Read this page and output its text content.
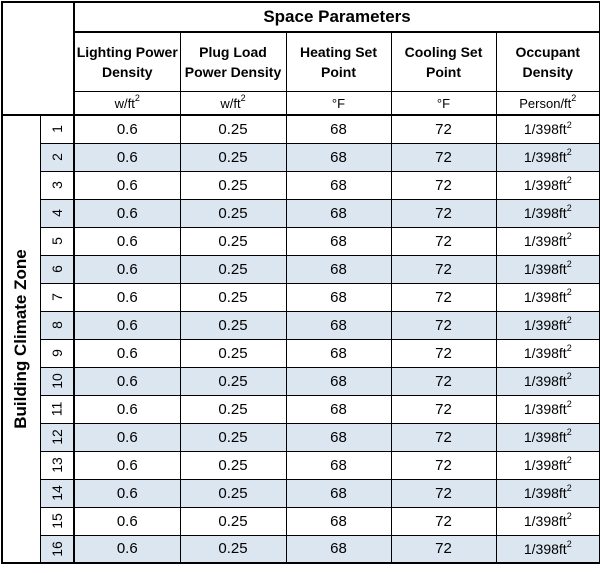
		Space Parameters				
		Lighting Power Density	Plug Load Power Density	Heating Set Point	Cooling Set Point	Occupant Density
		$w/ft^2$	$w/ft^2$	°F	°F	Person/$ft^2$

Building Climate Zone	1	0.6	0.25	68	72	$1/398ft^2$
	2	0.6	0.25	68	72	$1/398ft^2$
	3	0.6	0.25	68	72	$1/398ft^2$
	4	0.6	0.25	68	72	$1/398ft^2$
	5	0.6	0.25	68	72	$1/398ft^2$
	6	0.6	0.25	68	72	$1/398ft^2$
	7	0.6	0.25	68	72	$1/398ft^2$
	8	0.6	0.25	68	72	$1/398ft^2$
	9	0.6	0.25	68	72	$1/398ft^2$
	10	0.6	0.25	68	72	$1/398ft^2$
	11	0.6	0.25	68	72	$1/398ft^2$
	12	0.6	0.25	68	72	$1/398ft^2$
	13	0.6	0.25	68	72	$1/398ft^2$
	14	0.6	0.25	68	72	$1/398ft^2$
	15	0.6	0.25	68	72	$1/398ft^2$
	16	0.6	0.25	68	72	$1/398ft^2$
